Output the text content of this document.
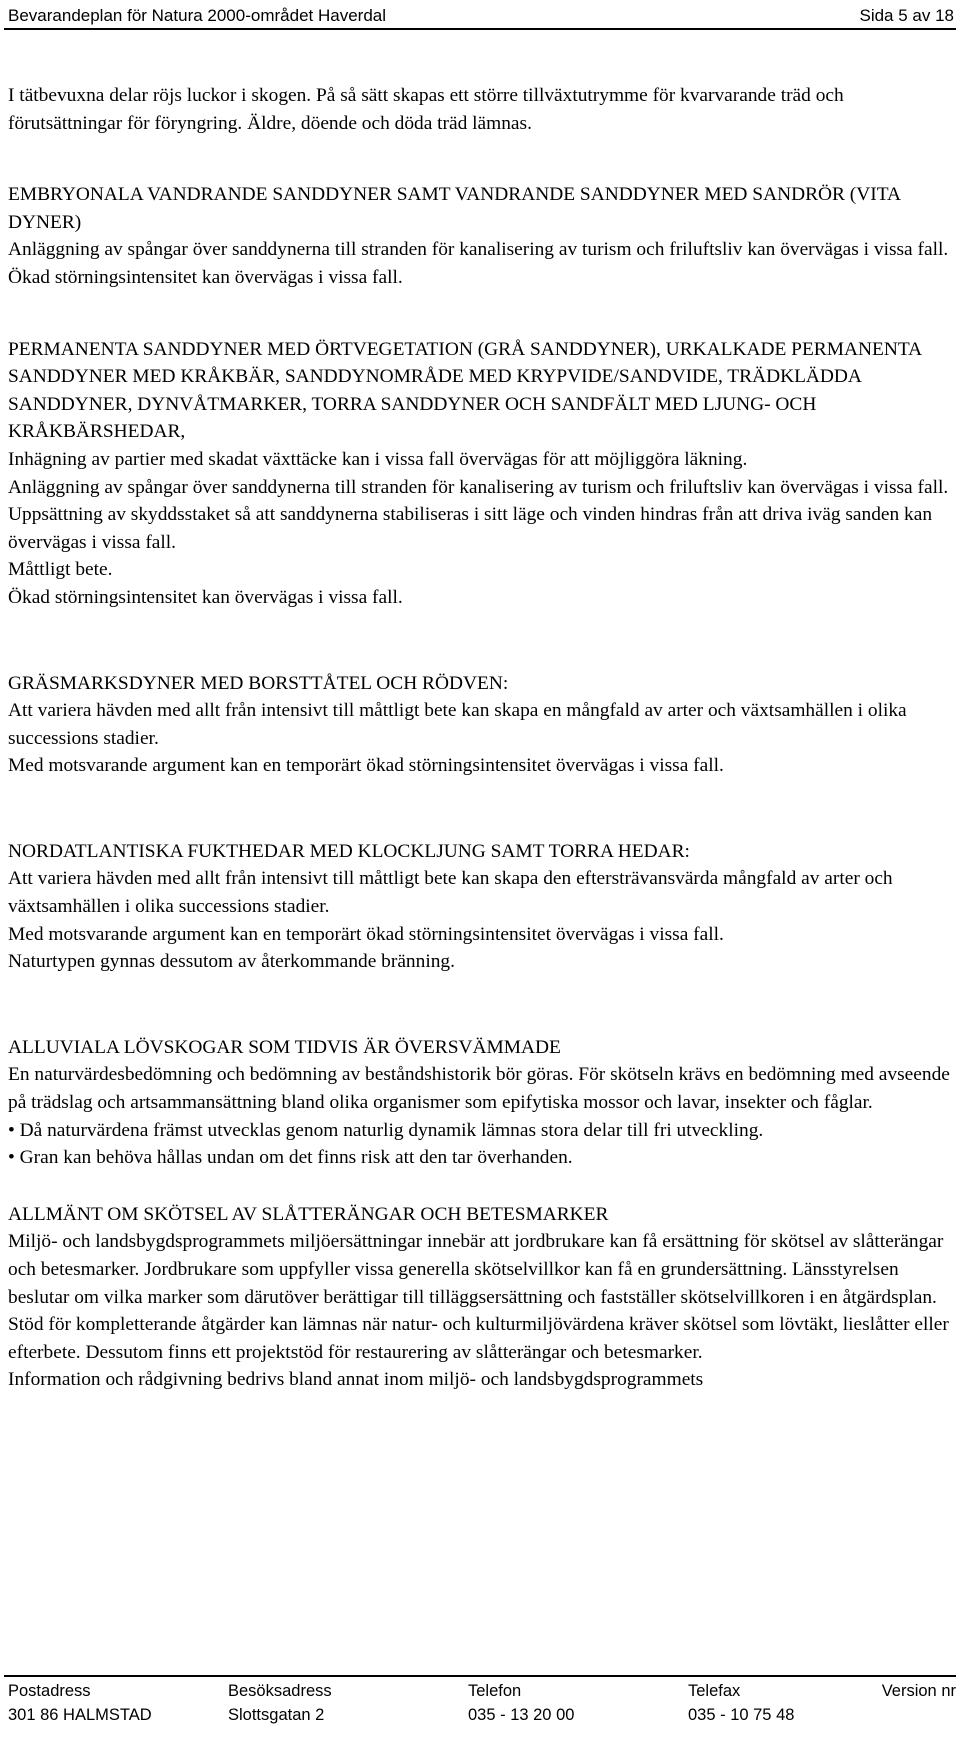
Bevarandeplan för Natura 2000-området Haverdal	Sida 5 av 18

I tätbevuxna delar röjs luckor i skogen. På så sätt skapas ett större tillväxtutrymme för kvarvarande träd och förutsättningar för föryngring. Äldre, döende och döda träd lämnas.

EMBRYONALA VANDRANDE SANDDYNER SAMT VANDRANDE SANDDYNER MED SANDRÖR (VITA DYNER)

Anläggning av spångar över sanddynerna till stranden för kanalisering av turism och friluftsliv kan övervägas i vissa fall.

Ökad störningsintensitet kan övervägas i vissa fall.

PERMANENTA SANDDYNER MED ÖRTVEGETATION (GRÅ SANDDYNER), URKALKADE PERMANENTA SANDDYNER MED KRÅKBÄR, SANDDYNOMRÅDE MED KRYPVIDE/SANDVIDE, TRÄDKLÄDDA SANDDYNER, DYNVÅTMARKER, TORRA SANDDYNER OCH SANDFÄLT MED LJUNG- OCH KRÅKBÄRSHEDAR,

Inhägning av partier med skadat växttäcke kan i vissa fall övervägas för att möjliggöra läkning.

Anläggning av spångar över sanddynerna till stranden för kanalisering av turism och friluftsliv kan övervägas i vissa fall.

Uppsättning av skyddsstaket så att sanddynerna stabiliseras i sitt läge och vinden hindras från att driva iväg sanden kan övervägas i vissa fall.

Måttligt bete.

Ökad störningsintensitet kan övervägas i vissa fall.

GRÄSMARKSDYNER MED BORSTTÅTEL OCH RÖDVEN:

Att variera hävden med allt från intensivt till måttligt bete kan skapa en mångfald av arter och växtsamhällen i olika successions stadier.

Med motsvarande argument kan en temporärt ökad störningsintensitet övervägas i vissa fall.

NORDATLANTISKA FUKTHEDAR MED KLOCKLJUNG SAMT TORRA HEDAR:

Att variera hävden med allt från intensivt till måttligt bete kan skapa den eftersträvansvärda mångfald av arter och växtsamhällen i olika successions stadier.

Med motsvarande argument kan en temporärt ökad störningsintensitet övervägas i vissa fall.

Naturtypen gynnas dessutom av återkommande bränning.

ALLUVIALA LÖVSKOGAR SOM TIDVIS ÄR ÖVERSVÄMMADE

En naturvärdesbedömning och bedömning av beståndshistorik bör göras. För skötseln krävs en bedömning med avseende på trädslag och artsammansättning bland olika organismer som epifytiska mossor och lavar, insekter och fåglar.

• Då naturvärdena främst utvecklas genom naturlig dynamik lämnas stora delar till fri utveckling.

• Gran kan behöva hållas undan om det finns risk att den tar överhanden.

ALLMÄNT OM SKÖTSEL AV SLÅTTERÄNGAR OCH BETESMARKER

Miljö- och landsbygdsprogrammets miljöersättningar innebär att jordbrukare kan få ersättning för skötsel av slåtterängar och betesmarker. Jordbrukare som uppfyller vissa generella skötselvillkor kan få en grundersättning. Länsstyrelsen beslutar om vilka marker som därutöver berättigar till tilläggsersättning och fastställer skötselvillkoren i en åtgärdsplan. Stöd för kompletterande åtgärder kan lämnas när natur- och kulturmiljövärdena kräver skötsel som lövtäkt, lieslåtter eller efterbete. Dessutom finns ett projektstöd för restaurering av slåtterängar och betesmarker.

Information och rådgivning bedrivs bland annat inom miljö- och landsbygdsprogrammets

Postadress
301 86 HALMSTAD
Besöksadress
Slottsgatan 2
Telefon
035 - 13 20 00
Telefax
035 - 10 75 48
Version nr
